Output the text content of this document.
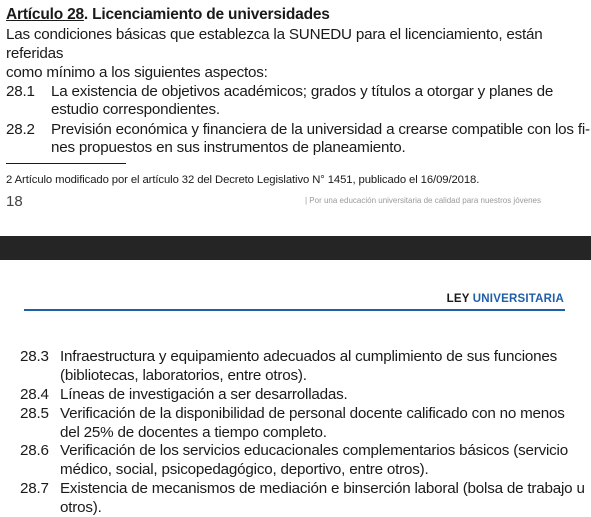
Artículo 28. Licenciamiento de universidades
Las condiciones básicas que establezca la SUNEDU para el licenciamiento, están referidas
como mínimo a los siguientes aspectos:
28.1 La existencia de objetivos académicos; grados y títulos a otorgar y planes de
estudio correspondientes.
28.2 Previsión económica y financiera de la universidad a crearse compatible con los fi-
nes propuestos en sus instrumentos de planeamiento.
2 Artículo modificado por el artículo 32 del Decreto Legislativo N° 1451, publicado el 16/09/2018.
18	| Por una educación universitaria de calidad para nuestros jóvenes
LEY UNIVERSITARIA
28.3 Infraestructura y equipamiento adecuados al cumplimiento de sus funciones
(bibliotecas, laboratorios, entre otros).
28.4 Líneas de investigación a ser desarrolladas.
28.5 Verificación de la disponibilidad de personal docente calificado con no menos
del 25% de docentes a tiempo completo.
28.6 Verificación de los servicios educacionales complementarios básicos (servicio
médico, social, psicopedagógico, deportivo, entre otros).
28.7 Existencia de mecanismos de mediación e binserción laboral (bolsa de trabajo u
otros).
